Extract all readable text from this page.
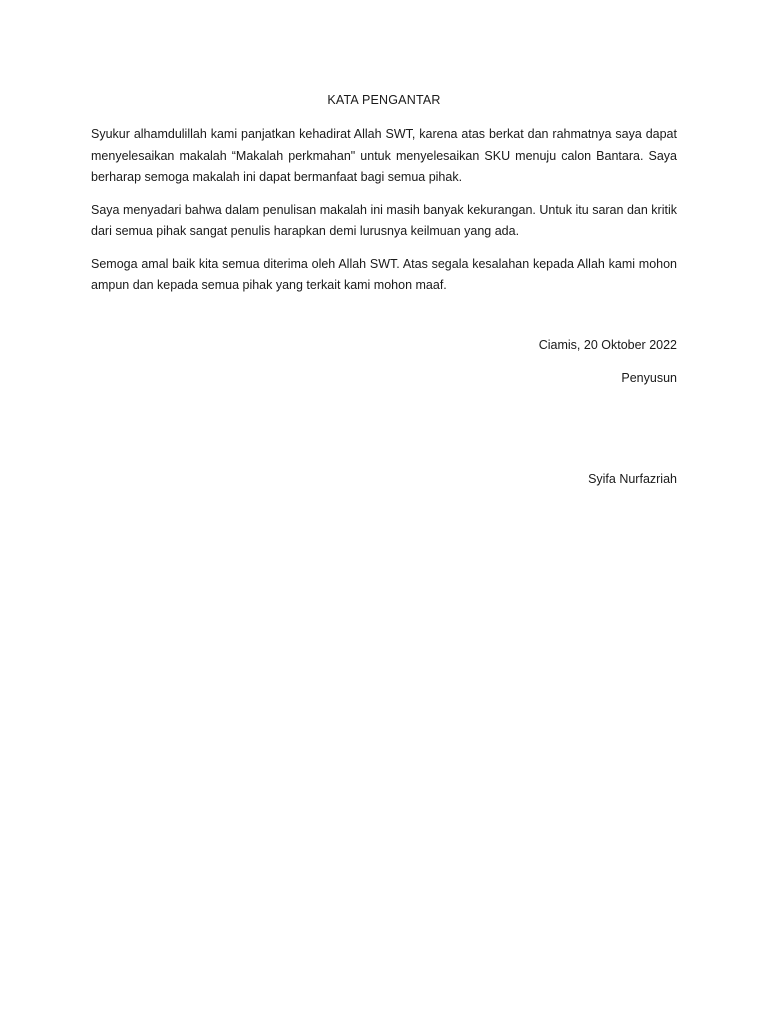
KATA PENGANTAR

Syukur alhamdulillah kami panjatkan kehadirat Allah SWT, karena atas berkat dan rahmatnya saya dapat menyelesaikan makalah “Makalah perkmahan" untuk menyelesaikan SKU menuju calon Bantara. Saya berharap semoga makalah ini dapat bermanfaat bagi semua pihak.

Saya menyadari bahwa dalam penulisan makalah ini masih banyak kekurangan. Untuk itu saran dan kritik dari semua pihak sangat penulis harapkan demi lurusnya keilmuan yang ada.

Semoga amal baik kita semua diterima oleh Allah SWT. Atas segala kesalahan kepada Allah kami mohon ampun dan kepada semua pihak yang terkait kami mohon maaf.

Ciamis, 20 Oktober 2022
Penyusun
Syifa Nurfazriah
